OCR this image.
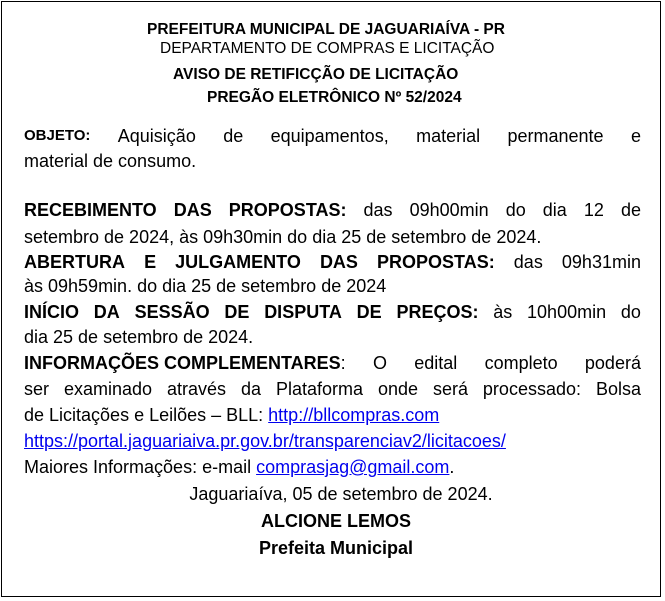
PREFEITURA MUNICIPAL DE JAGUARIAÍVA - PR
DEPARTAMENTO DE COMPRAS E LICITAÇÃO
AVISO DE RETIFICÇÃO DE LICITAÇÃO
PREGÃO ELETRÔNICO Nº 52/2024
OBJETO: Aquisição de equipamentos, material permanente e
material de consumo.
RECEBIMENTO DAS PROPOSTAS: das 09h00min do dia 12 de
setembro de 2024, às 09h30min do dia 25 de setembro de 2024.
ABERTURA E JULGAMENTO DAS PROPOSTAS: das 09h31min
às 09h59min. do dia 25 de setembro de 2024
INÍCIO DA SESSÃO DE DISPUTA DE PREÇOS: às 10h00min do
dia 25 de setembro de 2024.
INFORMAÇÕES COMPLEMENTARES : O edital completo poderá
ser examinado através da Plataforma onde será processado: Bolsa
de Licitações e Leilões – BLL: http://bllcompras.com
https://portal.jaguariaiva.pr.gov.br/transparenciav2/licitacoes/
Maiores Informações: e-mail comprasjag@gmail.com.
Jaguariaíva, 05 de setembro de 2024.
ALCIONE LEMOS
Prefeita Municipal
